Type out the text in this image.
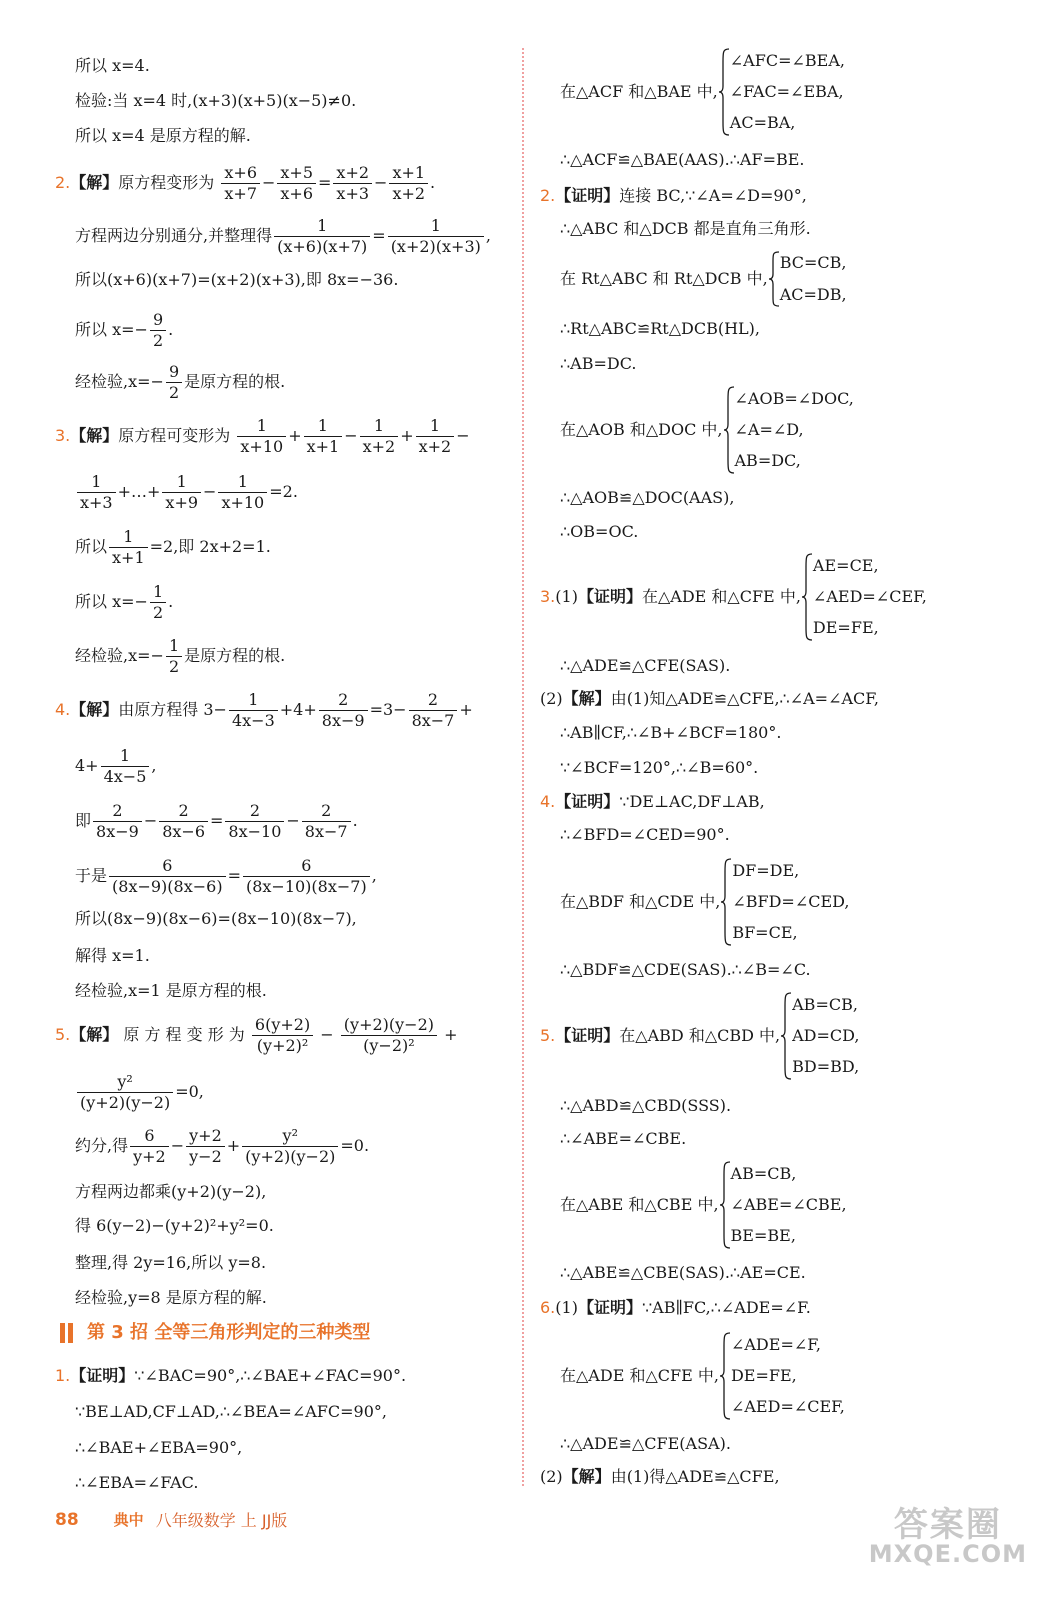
所以 x=4.
检验:当 x=4 时,(x+3)(x+5)(x−5)≠0.
所以 x=4 是原方程的解.
2.【解】原方程变形为 $\frac{x+6}{x+7} - \frac{x+5}{x+6} = \frac{x+2}{x+3} - \frac{x+1}{x+2}$ .
方程两边分别通分,并整理得 $\frac{1}{(x+6)(x+7)} = \frac{1}{(x+2)(x+3)}$ ,
所以(x+6)(x+7)=(x+2)(x+3),即 8x=−36.
所以 $x=- \frac{9}{2}$ .
经检验$,x=- \frac{9}{2}$ 是原方程的根.
3.【解】原方程可变形为 $\frac{1}{x+10} + \frac{1}{x+1} - \frac{1}{x+2} + \frac{1}{x+2}$ −
$\frac{1}{x+3}$ +…+ $\frac{1}{x+9} - \frac{1}{x+10} =2$.
所以 $\frac{1}{x+1} =2$,即 2x+2=1.
所以 $x=- \frac{1}{2}$ .
经检验$,x=- \frac{1}{2}$ 是原方程的根.
4.【解】由原方程得 $3- \frac{1}{4x-3} +4+ \frac{2}{8x-9} =3- \frac{2}{8x-7}$ +
$4+ \frac{1}{4x-5}$ ,
即 $\frac{2}{8x-9} - \frac{2}{8x-6} = \frac{2}{8x-10} - \frac{2}{8x-7}$ .
于是 $\frac{6}{(8x-9)(8x-6)} = \frac{6}{(8x-10)(8x-7)}$ ,
所以(8x−9)(8x−6)=(8x−10)(8x−7),
解得 x=1.
经检验,x=1 是原方程的根.
5.【解】 原 方 程 变 形 为 $\frac{6(y+2)}{\text{(y+2)²}} - \frac{(y+2)(y-2)}{\text{(y−2)²}}$ +
$\frac{\text{y²}}{(y+2)(y-2)} =0$,
约分,得 $\frac{6}{y+2} - \frac{y+2}{y-2} + \frac{\text{y²}}{(y+2)(y-2)} =0$.
方程两边都乘(y+2)(y−2),
得 6(y−2)−(y+2)²+y²=0.
整理,得 2y=16,所以 y=8.
经检验,y=8 是原方程的解.
第 3 招 全等三角形判定的三种类型
1.【证明】∵∠BAC=90°,∴∠BAE+∠FAC=90°.
∵BE⊥AD,CF⊥AD,∴∠BEA=∠AFC=90°,
∴∠BAE+∠EBA=90°,
∴∠EBA=∠FAC.
在△ACF 和△BAE 中,
∠AFC=∠BEA,
∠FAC=∠EBA,
AC=BA,
∴△ACF≌△BAE(AAS).∴AF=BE.
2.【证明】连接 BC,∵∠A=∠D=90°,
∴△ABC 和△DCB 都是直角三角形.
在 Rt△ABC 和 Rt△DCB 中,
BC=CB,
AC=DB,
∴Rt△ABC≌Rt△DCB(HL),
∴AB=DC.
在△AOB 和△DOC 中,
∠AOB=∠DOC,
∠A=∠D,
AB=DC,
∴△AOB≌△DOC(AAS),
∴OB=OC.
3.(1)【证明】在△ADE 和△CFE 中,
AE=CE,
∠AED=∠CEF,
DE=FE,
∴△ADE≌△CFE(SAS).
(2)【解】由(1)知△ADE≌△CFE,∴∠A=∠ACF,
∴AB∥CF,∴∠B+∠BCF=180°.
∵∠BCF=120°,∴∠B=60°.
4.【证明】∵DE⊥AC,DF⊥AB,
∴∠BFD=∠CED=90°.
在△BDF 和△CDE 中,
DF=DE,
∠BFD=∠CED,
BF=CE,
∴△BDF≌△CDE(SAS).∴∠B=∠C.
5.【证明】在△ABD 和△CBD 中,
AB=CB,
AD=CD,
BD=BD,
∴△ABD≌△CBD(SSS).
∴∠ABE=∠CBE.
在△ABE 和△CBE 中,
AB=CB,
∠ABE=∠CBE,
BE=BE,
∴△ABE≌△CBE(SAS).∴AE=CE.
6.(1)【证明】∵AB∥FC,∴∠ADE=∠F.
在△ADE 和△CFE 中,
∠ADE=∠F,
DE=FE,
∠AED=∠CEF,
∴△ADE≌△CFE(ASA).
(2)【解】由(1)得△ADE≌△CFE,
88 典中 八年级数学 上 JJ版	答案圈
MXQE.COM
